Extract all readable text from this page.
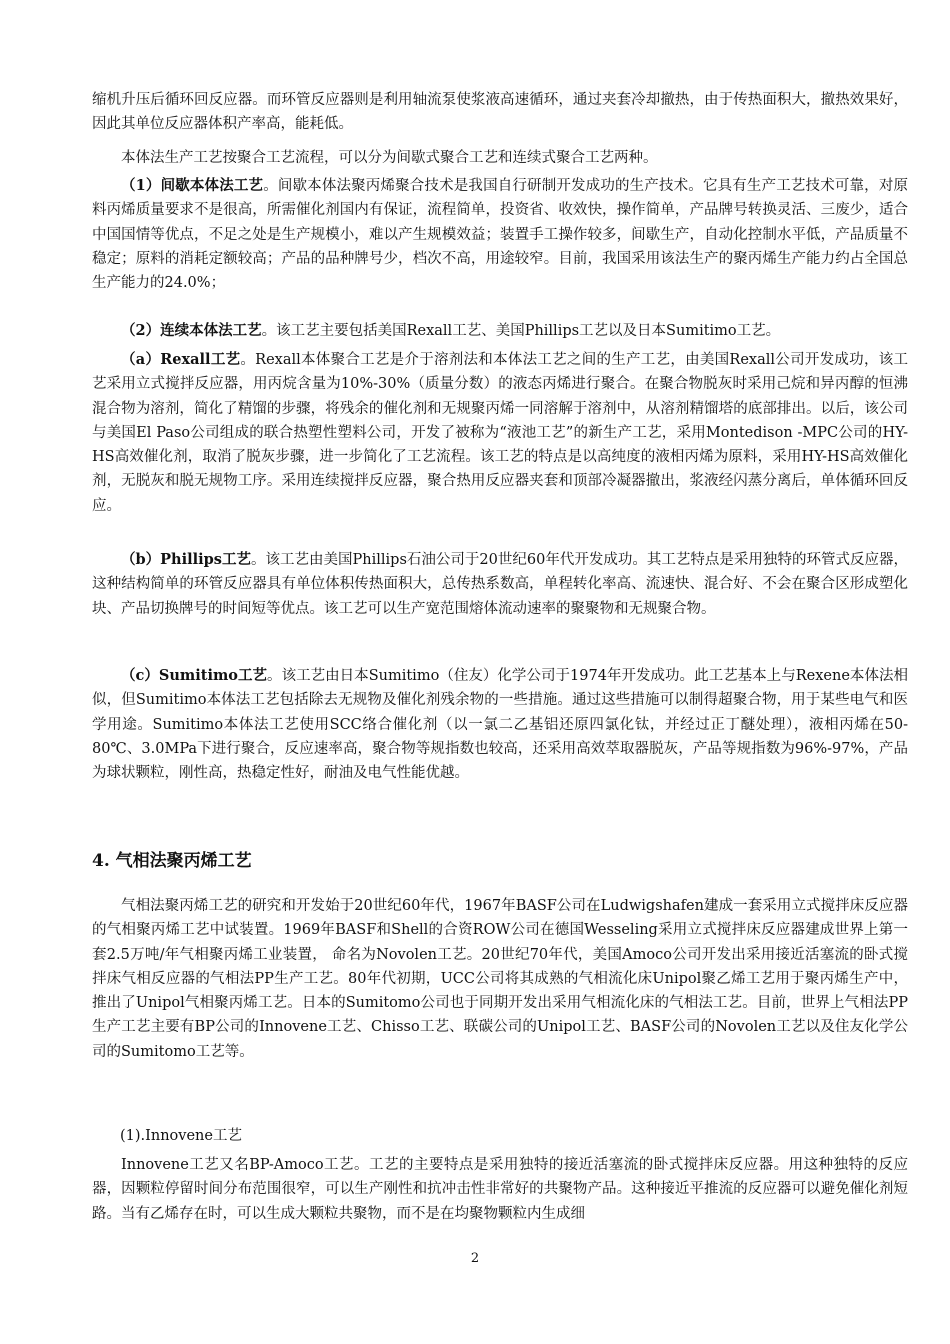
缩机升压后循环回反应器。而环管反应器则是利用轴流泵使浆液高速循环，通过夹套冷却撤热，由于传热面积大，撤热效果好，因此其单位反应器体积产率高，能耗低。

本体法生产工艺按聚合工艺流程，可以分为间歇式聚合工艺和连续式聚合工艺两种。

（1）间歇本体法工艺。间歇本体法聚丙烯聚合技术是我国自行研制开发成功的生产技术。它具有生产工艺技术可靠，对原料丙烯质量要求不是很高，所需催化剂国内有保证，流程简单，投资省、收效快，操作简单，产品牌号转换灵活、三废少，适合中国国情等优点，不足之处是生产规模小，难以产生规模效益；装置手工操作较多，间歇生产，自动化控制水平低，产品质量不稳定；原料的消耗定额较高；产品的品种牌号少，档次不高，用途较窄。目前，我国采用该法生产的聚丙烯生产能力约占全国总生产能力的24.0%；

（2）连续本体法工艺。该工艺主要包括美国Rexall工艺、美国Phillips工艺以及日本Sumitimo工艺。

（a）Rexall工艺。Rexall本体聚合工艺是介于溶剂法和本体法工艺之间的生产工艺，由美国Rexall公司开发成功，该工艺采用立式搅拌反应器，用丙烷含量为10%-30%（质量分数）的液态丙烯进行聚合。在聚合物脱灰时采用己烷和异丙醇的恒沸混合物为溶剂，简化了精馏的步骤，将残余的催化剂和无规聚丙烯一同溶解于溶剂中，从溶剂精馏塔的底部排出。以后，该公司与美国El Paso公司组成的联合热塑性塑料公司，开发了被称为“液池工艺”的新生产工艺，采用Montedison -MPC公司的HY-HS高效催化剂，取消了脱灰步骤，进一步简化了工艺流程。该工艺的特点是以高纯度的液相丙烯为原料，采用HY-HS高效催化剂，无脱灰和脱无规物工序。采用连续搅拌反应器，聚合热用反应器夹套和顶部冷凝器撤出，浆液经闪蒸分离后，单体循环回反应。

（b）Phillips工艺。该工艺由美国Phillips石油公司于20世纪60年代开发成功。其工艺特点是采用独特的环管式反应器，这种结构简单的环管反应器具有单位体积传热面积大，总传热系数高，单程转化率高、流速快、混合好、不会在聚合区形成塑化块、产品切换牌号的时间短等优点。该工艺可以生产宽范围熔体流动速率的聚聚物和无规聚合物。

（c）Sumitimo工艺。该工艺由日本Sumitimo（住友）化学公司于1974年开发成功。此工艺基本上与Rexene本体法相似，但Sumitimo本体法工艺包括除去无规物及催化剂残余物的一些措施。通过这些措施可以制得超聚合物，用于某些电气和医学用途。Sumitimo本体法工艺使用SCC络合催化剂（以一氯二乙基铝还原四氯化钛，并经过正丁醚处理），液相丙烯在50-80℃、3.0MPa下进行聚合，反应速率高，聚合物等规指数也较高，还采用高效萃取器脱灰，产品等规指数为96%-97%，产品为球状颗粒，刚性高，热稳定性好，耐油及电气性能优越。

4. 气相法聚丙烯工艺

气相法聚丙烯工艺的研究和开发始于20世纪60年代，1967年BASF公司在Ludwigshafen建成一套采用立式搅拌床反应器的气相聚丙烯工艺中试装置。1969年BASF和Shell的合资ROW公司在德国Wesseling采用立式搅拌床反应器建成世界上第一套2.5万吨/年气相聚丙烯工业装置， 命名为Novolen工艺。20世纪70年代，美国Amoco公司开发出采用接近活塞流的卧式搅拌床气相反应器的气相法PP生产工艺。80年代初期，UCC公司将其成熟的气相流化床Unipol聚乙烯工艺用于聚丙烯生产中，推出了Unipol气相聚丙烯工艺。日本的Sumitomo公司也于同期开发出采用气相流化床的气相法工艺。目前，世界上气相法PP生产工艺主要有BP公司的Innovene工艺、Chisso工艺、联碳公司的Unipol工艺、BASF公司的Novolen工艺以及住友化学公司的Sumitomo工艺等。

(1).Innovene工艺

Innovene工艺又名BP-Amoco工艺。工艺的主要特点是采用独特的接近活塞流的卧式搅拌床反应器。用这种独特的反应器，因颗粒停留时间分布范围很窄，可以生产刚性和抗冲击性非常好的共聚物产品。这种接近平推流的反应器可以避免催化剂短路。当有乙烯存在时，可以生成大颗粒共聚物，而不是在均聚物颗粒内生成细

2
